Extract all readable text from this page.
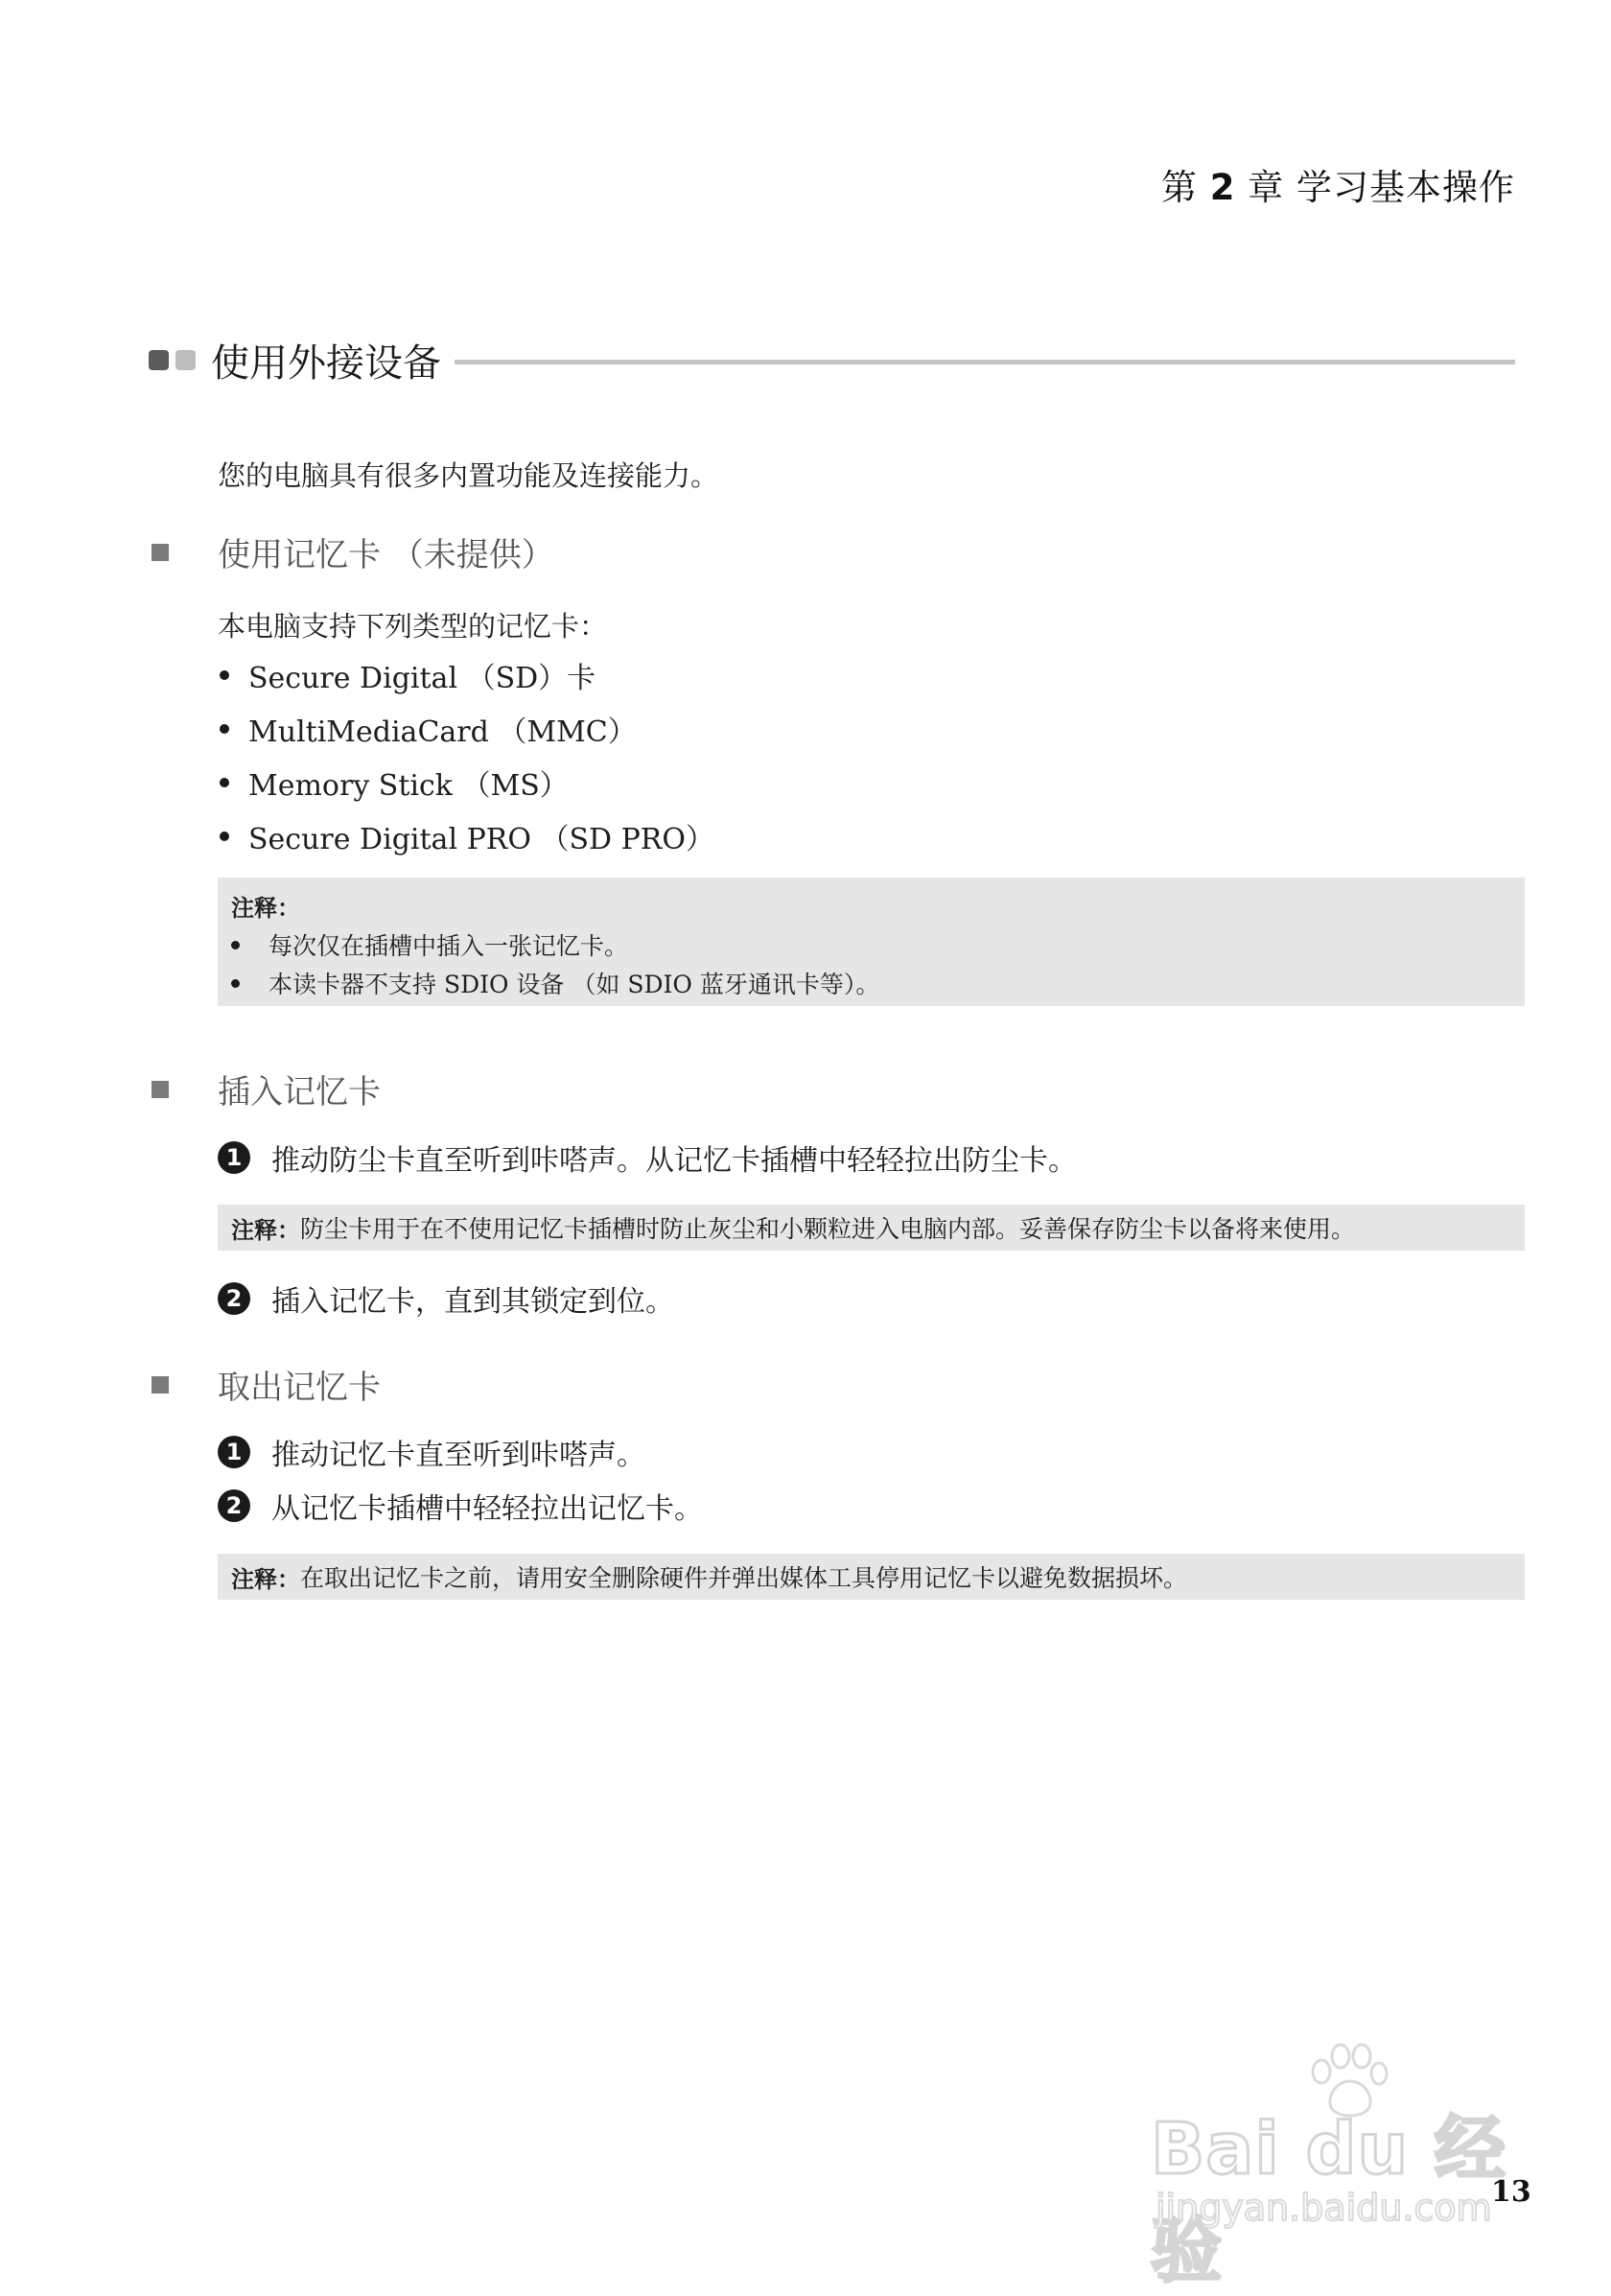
第 2 章 学习基本操作
使用外接设备
您的电脑具有很多内置功能及连接能力。
使用记忆卡 （未提供）
本电脑支持下列类型的记忆卡：
Secure Digital （SD）卡
MultiMediaCard （MMC）
Memory Stick （MS）
Secure Digital PRO （SD PRO）
注释：
每次仅在插槽中插入一张记忆卡。
本读卡器不支持 SDIO 设备 （如 SDIO 蓝牙通讯卡等）。
插入记忆卡
1 推动防尘卡直至听到咔嗒声。从记忆卡插槽中轻轻拉出防尘卡。
注释： 防尘卡用于在不使用记忆卡插槽时防止灰尘和小颗粒进入电脑内部。妥善保存防尘卡以备将来使用。
2 插入记忆卡，直到其锁定到位。
取出记忆卡
1 推动记忆卡直至听到咔嗒声。
2 从记忆卡插槽中轻轻拉出记忆卡。
注释： 在取出记忆卡之前，请用安全删除硬件并弹出媒体工具停用记忆卡以避免数据损坏。
13
Bai du 经验
jingyan.baidu.com
